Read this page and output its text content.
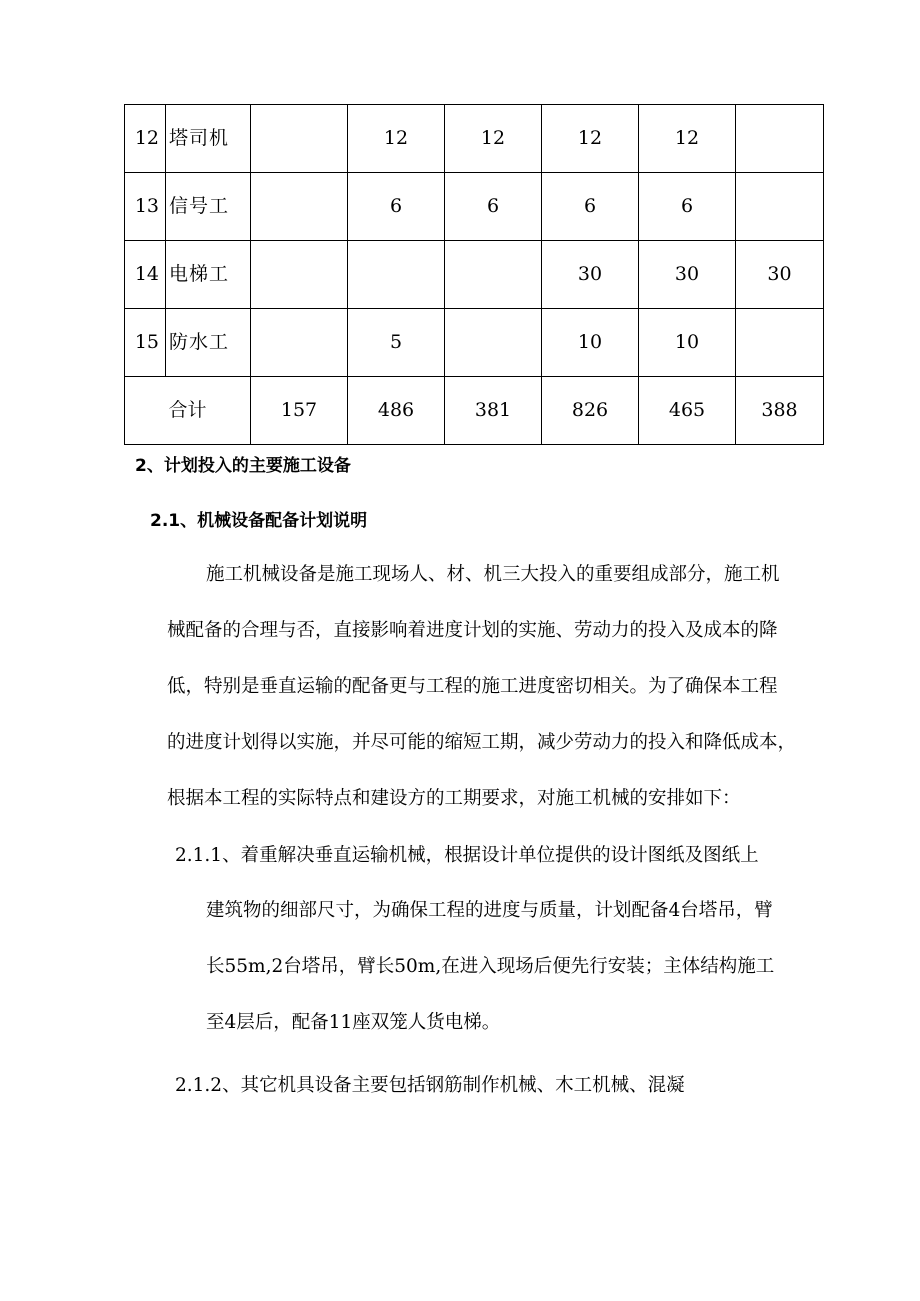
12	塔司机		12	12	12	12	
13	信号工		6	6	6	6	
14	电梯工				30	30	30
15	防水工		5		10	10	
合计		157	486	381	826	465	388
2、计划投入的主要施工设备
2.1、机械设备配备计划说明
施工机械设备是施工现场人、材、机三大投入的重要组成部分，施工机
械配备的合理与否，直接影响着进度计划的实施、劳动力的投入及成本的降
低，特别是垂直运输的配备更与工程的施工进度密切相关。为了确保本工程
的进度计划得以实施，并尽可能的缩短工期，减少劳动力的投入和降低成本，
根据本工程的实际特点和建设方的工期要求，对施工机械的安排如下：
2.1.1、着重解决垂直运输机械，根据设计单位提供的设计图纸及图纸上
建筑物的细部尺寸，为确保工程的进度与质量，计划配备4台塔吊，臂
长55m,2台塔吊，臂长50m,在进入现场后便先行安装；主体结构施工
至4层后，配备11座双笼人货电梯。
2.1.2、其它机具设备主要包括钢筋制作机械、木工机械、混凝
